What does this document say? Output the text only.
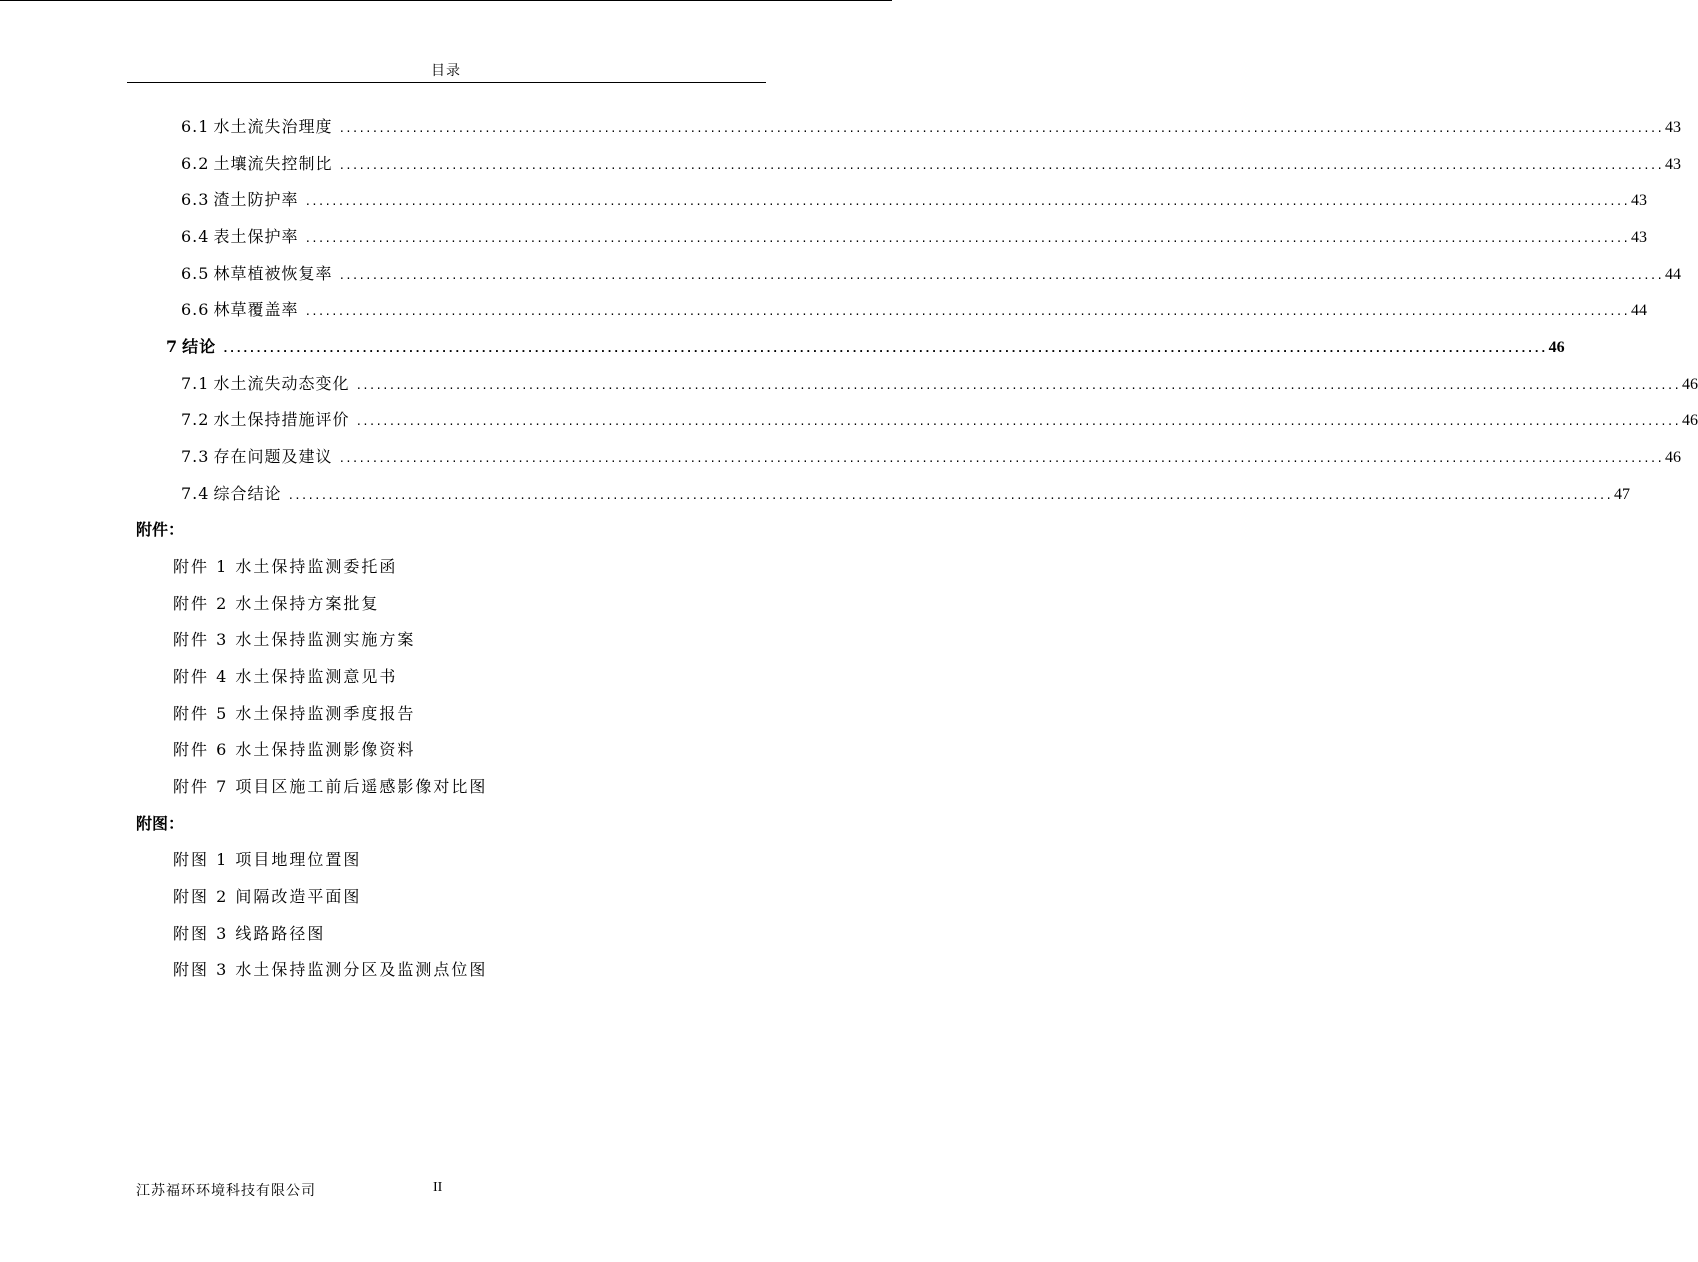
目录
6.1 水土流失治理度 ........................................................................................................................................................................................................ 43
6.2 土壤流失控制比 ........................................................................................................................................................................................................ 43
6.3 渣土防护率 ........................................................................................................................................................................................................ 43
6.4 表土保护率 ........................................................................................................................................................................................................ 43
6.5 林草植被恢复率 ........................................................................................................................................................................................................ 44
6.6 林草覆盖率 ........................................................................................................................................................................................................ 44
7 结论 ........................................................................................................................................................................................................ 46
7.1 水土流失动态变化 ........................................................................................................................................................................................................ 46
7.2 水土保持措施评价 ........................................................................................................................................................................................................ 46
7.3 存在问题及建议 ........................................................................................................................................................................................................ 46
7.4 综合结论 ........................................................................................................................................................................................................ 47
附件：
附件 1 水土保持监测委托函
附件 2 水土保持方案批复
附件 3 水土保持监测实施方案
附件 4 水土保持监测意见书
附件 5 水土保持监测季度报告
附件 6 水土保持监测影像资料
附件 7 项目区施工前后遥感影像对比图
附图：
附图 1 项目地理位置图
附图 2 间隔改造平面图
附图 3 线路路径图
附图 3 水土保持监测分区及监测点位图
江苏福环环境科技有限公司	II
